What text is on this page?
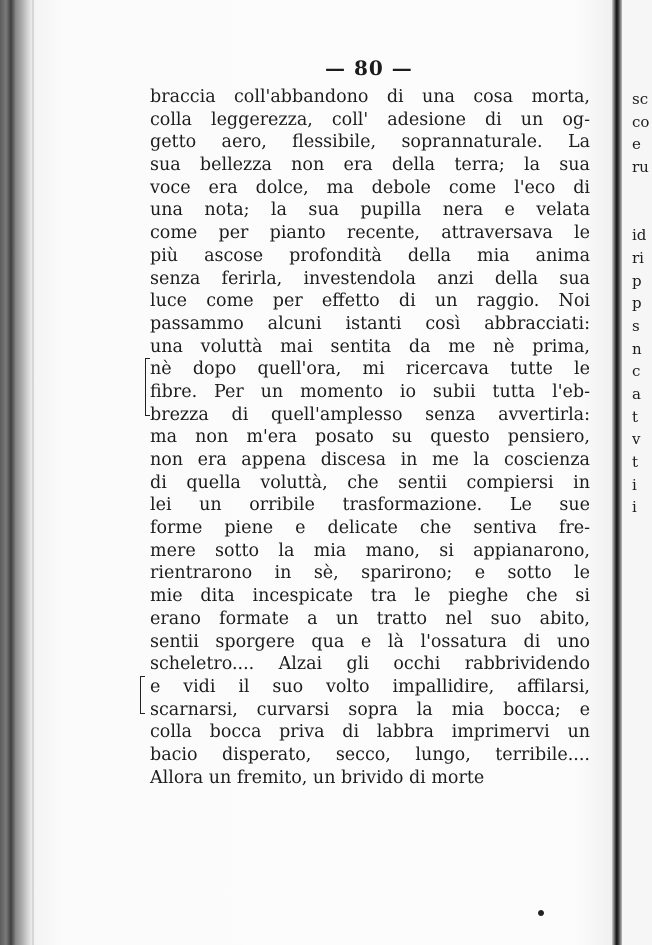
— 80 —
braccia coll'abbandono di una cosa morta,
colla leggerezza, coll' adesione di un og-
getto aero, flessibile, soprannaturale. La
sua bellezza non era della terra; la sua
voce era dolce, ma debole come l'eco di
una nota; la sua pupilla nera e velata
come per pianto recente, attraversava le
più ascose profondità della mia anima
senza ferirla, investendola anzi della sua
luce come per effetto di un raggio. Noi
passammo alcuni istanti così abbracciati:
una voluttà mai sentita da me nè prima,
nè dopo quell'ora, mi ricercava tutte le
fibre. Per un momento io subii tutta l'eb-
brezza di quell'amplesso senza avvertirla:
ma non m'era posato su questo pensiero,
non era appena discesa in me la coscienza
di quella voluttà, che sentii compiersi in
lei un orribile trasformazione. Le sue
forme piene e delicate che sentiva fre-
mere sotto la mia mano, si appianarono,
rientrarono in sè, sparirono; e sotto le
mie dita incespicate tra le pieghe che si
erano formate a un tratto nel suo abito,
sentii sporgere qua e là l'ossatura di uno
scheletro.... Alzai gli occhi rabbrividendo
e vidi il suo volto impallidire, affilarsi,
scarnarsi, curvarsi sopra la mia bocca; e
colla bocca priva di labbra imprimervi un
bacio disperato, secco, lungo, terribile....
Allora un fremito, un brivido di morte
sc
co
e
ru
id
ri
p
p
s
n
c
a
t
v
t
i
i
